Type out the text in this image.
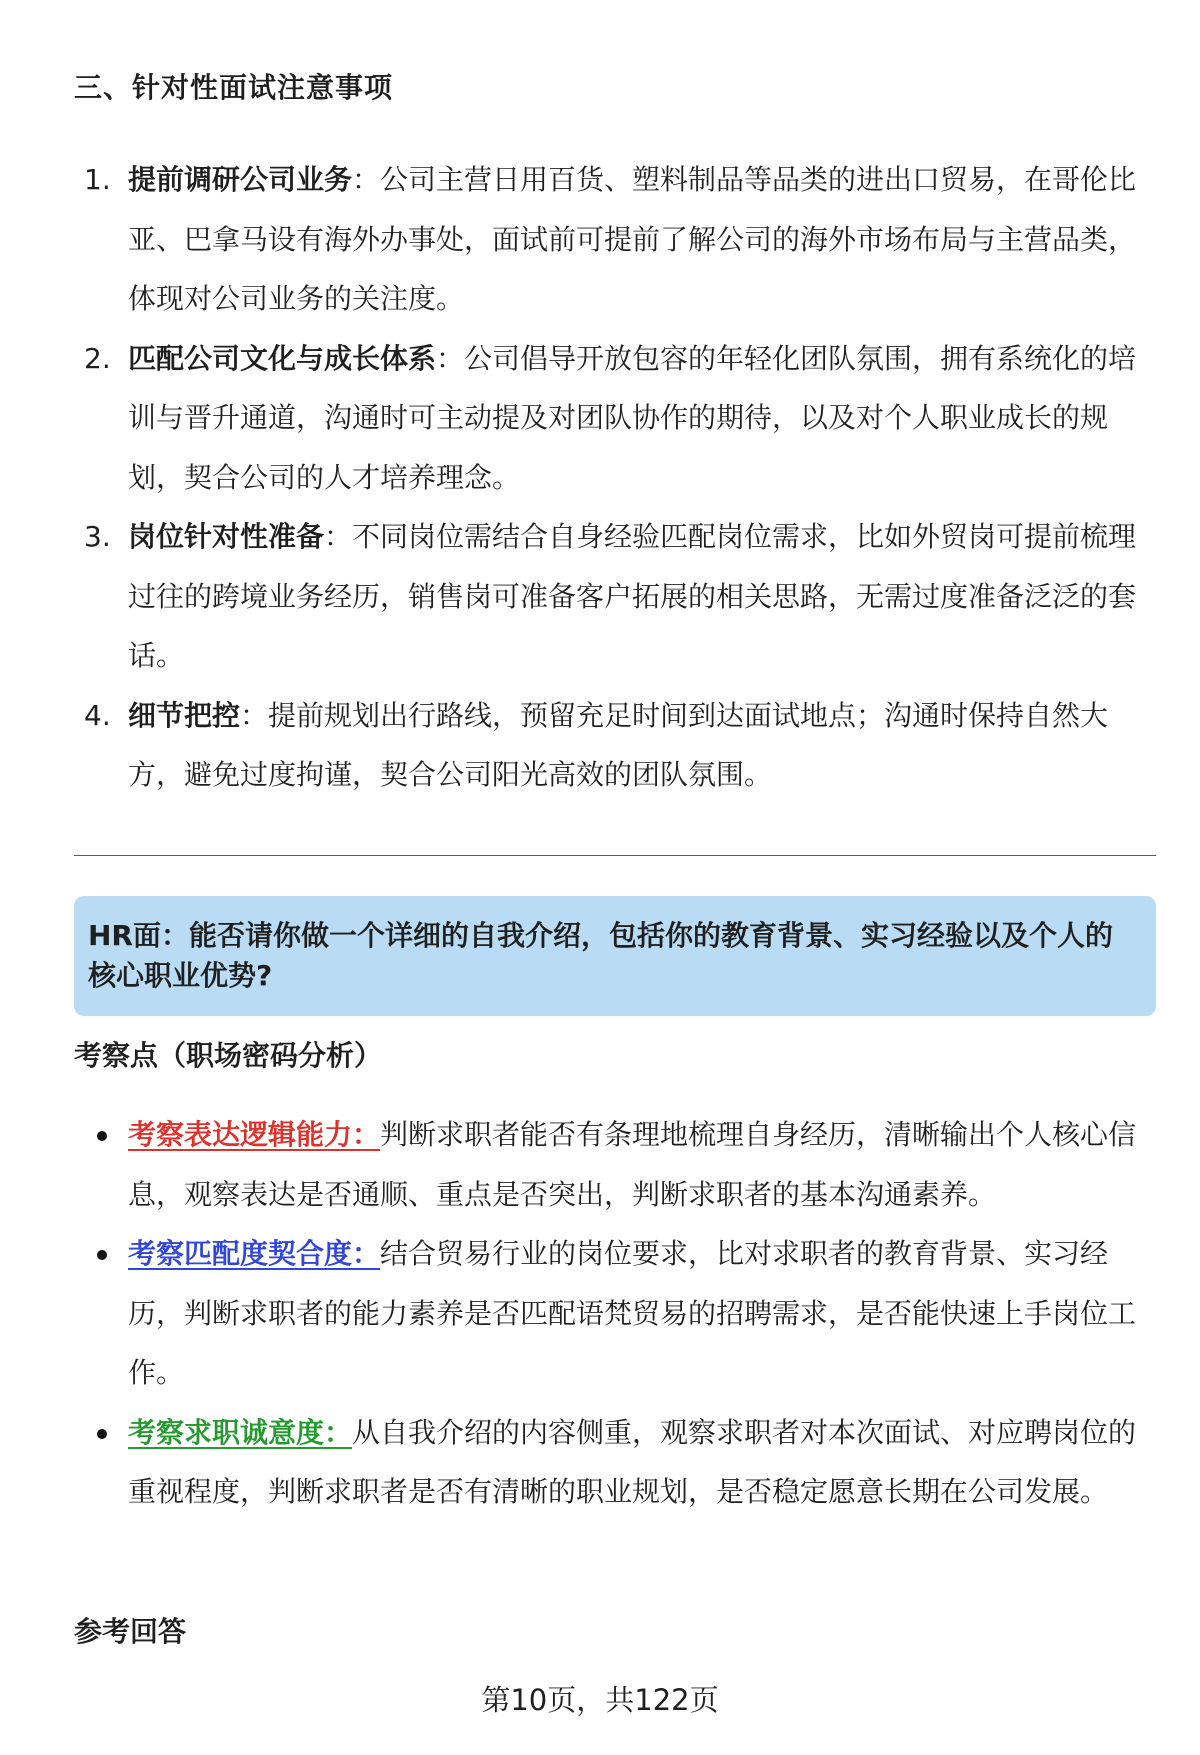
三、针对性面试注意事项
1. 提前调研公司业务：公司主营日用百货、塑料制品等品类的进出口贸易，在哥伦比亚、巴拿马设有海外办事处，面试前可提前了解公司的海外市场布局与主营品类，体现对公司业务的关注度。
2. 匹配公司文化与成长体系：公司倡导开放包容的年轻化团队氛围，拥有系统化的培训与晋升通道，沟通时可主动提及对团队协作的期待，以及对个人职业成长的规划，契合公司的人才培养理念。
3. 岗位针对性准备：不同岗位需结合自身经验匹配岗位需求，比如外贸岗可提前梳理过往的跨境业务经历，销售岗可准备客户拓展的相关思路，无需过度准备泛泛的套话。
4. 细节把控：提前规划出行路线，预留充足时间到达面试地点；沟通时保持自然大方，避免过度拘谨，契合公司阳光高效的团队氛围。
HR面：能否请你做一个详细的自我介绍，包括你的教育背景、实习经验以及个人的核心职业优势?
考察点（职场密码分析）
考察表达逻辑能力：判断求职者能否有条理地梳理自身经历，清晰输出个人核心信息，观察表达是否通顺、重点是否突出，判断求职者的基本沟通素养。
考察匹配度契合度：结合贸易行业的岗位要求，比对求职者的教育背景、实习经历，判断求职者的能力素养是否匹配语梵贸易的招聘需求，是否能快速上手岗位工作。
考察求职诚意度：从自我介绍的内容侧重，观察求职者对本次面试、对应聘岗位的重视程度，判断求职者是否有清晰的职业规划，是否稳定愿意长期在公司发展。
参考回答
第10页，共122页
